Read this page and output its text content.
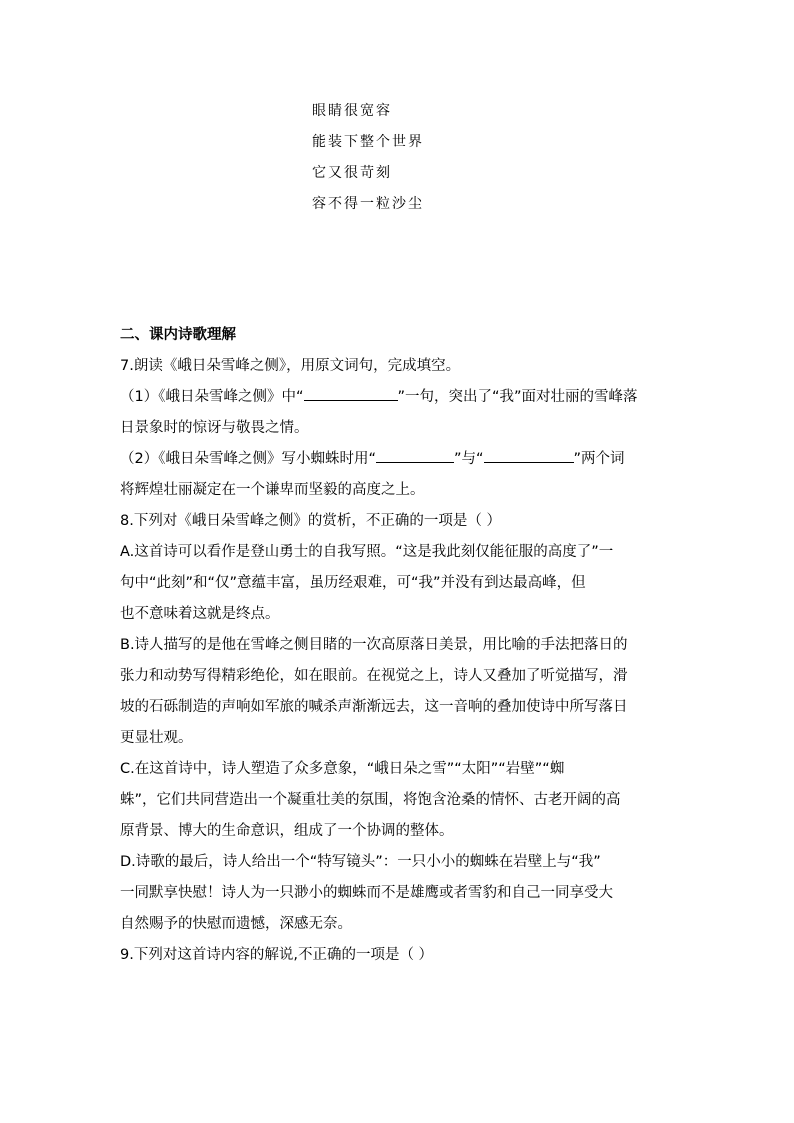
眼睛很宽容
能装下整个世界
它又很苛刻
容不得一粒沙尘
二、课内诗歌理解
7.朗读《峨日朵雪峰之侧》，用原文词句，完成填空。
（1）《峨日朵雪峰之侧》中“	”一句，突出了“我”面对壮丽的雪峰落
日景象时的惊讶与敬畏之情。
（2）《峨日朵雪峰之侧》写小蜘蛛时用“	”与“	”两个词
将辉煌壮丽凝定在一个谦卑而坚毅的高度之上。
8.下列对《峨日朵雪峰之侧》的赏析，不正确的一项是（ ）
A.这首诗可以看作是登山勇士的自我写照。“这是我此刻仅能征服的高度了”一
句中“此刻”和“仅”意蕴丰富，虽历经艰难，可“我”并没有到达最高峰，但
也不意味着这就是终点。
B.诗人描写的是他在雪峰之侧目睹的一次高原落日美景，用比喻的手法把落日的
张力和动势写得精彩绝伦，如在眼前。在视觉之上，诗人又叠加了听觉描写，滑
坡的石砾制造的声响如军旅的喊杀声渐渐远去，这一音响的叠加使诗中所写落日
更显壮观。
C.在这首诗中，诗人塑造了众多意象，“峨日朵之雪”“太阳”“岩壁”“蜘
蛛”，它们共同营造出一个凝重壮美的氛围，将饱含沧桑的情怀、古老开阔的高
原背景、博大的生命意识，组成了一个协调的整体。
D.诗歌的最后，诗人给出一个“特写镜头”：一只小小的蜘蛛在岩壁上与“我”
一同默享快慰！诗人为一只渺小的蜘蛛而不是雄鹰或者雪豹和自己一同享受大
自然赐予的快慰而遗憾，深感无奈。
9.下列对这首诗内容的解说,不正确的一项是（ ）
